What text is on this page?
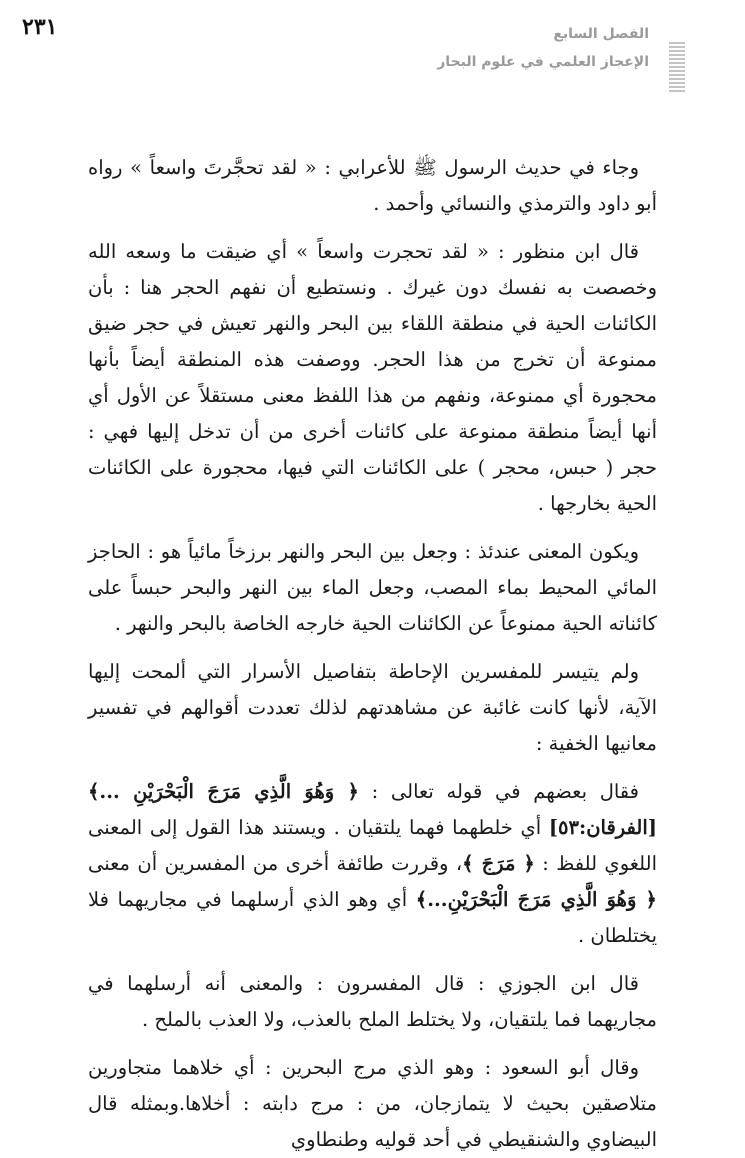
٢٣١	الفصل السابع
الإعجاز العلمي في علوم البحار

وجاء في حديث الرسول ﷺ للأعرابي : « لقد تحجَّرتَ واسعاً » رواه أبو داود والترمذي والنسائي وأحمد .

قال ابن منظور : « لقد تحجرت واسعاً » أي ضيقت ما وسعه الله وخصصت به نفسك دون غيرك . ونستطيع أن نفهم الحجر هنا : بأن الكائنات الحية في منطقة اللقاء بين البحر والنهر تعيش في حجر ضيق ممنوعة أن تخرج من هذا الحجر. ووصفت هذه المنطقة أيضاً بأنها محجورة أي ممنوعة، ونفهم من هذا اللفظ معنى مستقلاً عن الأول أي أنها أيضاً منطقة ممنوعة على كائنات أخرى من أن تدخل إليها فهي : حجر ( حبس، محجر ) على الكائنات التي فيها، محجورة على الكائنات الحية بخارجها .

ويكون المعنى عندئذ : وجعل بين البحر والنهر برزخاً مائياً هو : الحاجز المائي المحيط بماء المصب، وجعل الماء بين النهر والبحر حبساً على كائناته الحية ممنوعاً عن الكائنات الحية خارجه الخاصة بالبحر والنهر .

ولم يتيسر للمفسرين الإحاطة بتفاصيل الأسرار التي ألمحت إليها الآية، لأنها كانت غائبة عن مشاهدتهم لذلك تعددت أقوالهم في تفسير معانيها الخفية :

فقال بعضهم في قوله تعالى : ﴿ وَهُوَ الَّذِي مَرَجَ الْبَحْرَيْنِ ...﴾ [الفرقان:٥٣] أي خلطهما فهما يلتقيان . ويستند هذا القول إلى المعنى اللغوي للفظ : ﴿ مَرَجَ ﴾، وقررت طائفة أخرى من المفسرين أن معنى ﴿ وَهُوَ الَّذِي مَرَجَ الْبَحْرَيْنِ...﴾ أي وهو الذي أرسلهما في مجاريهما فلا يختلطان .

قال ابن الجوزي : قال المفسرون : والمعنى أنه أرسلهما في مجاريهما فما يلتقيان، ولا يختلط الملح بالعذب، ولا العذب بالملح .

وقال أبو السعود : وهو الذي مرج البحرين : أي خلاهما متجاورين متلاصقين بحيث لا يتمازجان، من : مرج دابته : أخلاها.وبمثله قال البيضاوي والشنقيطي في أحد قوليه وطنطاوي
